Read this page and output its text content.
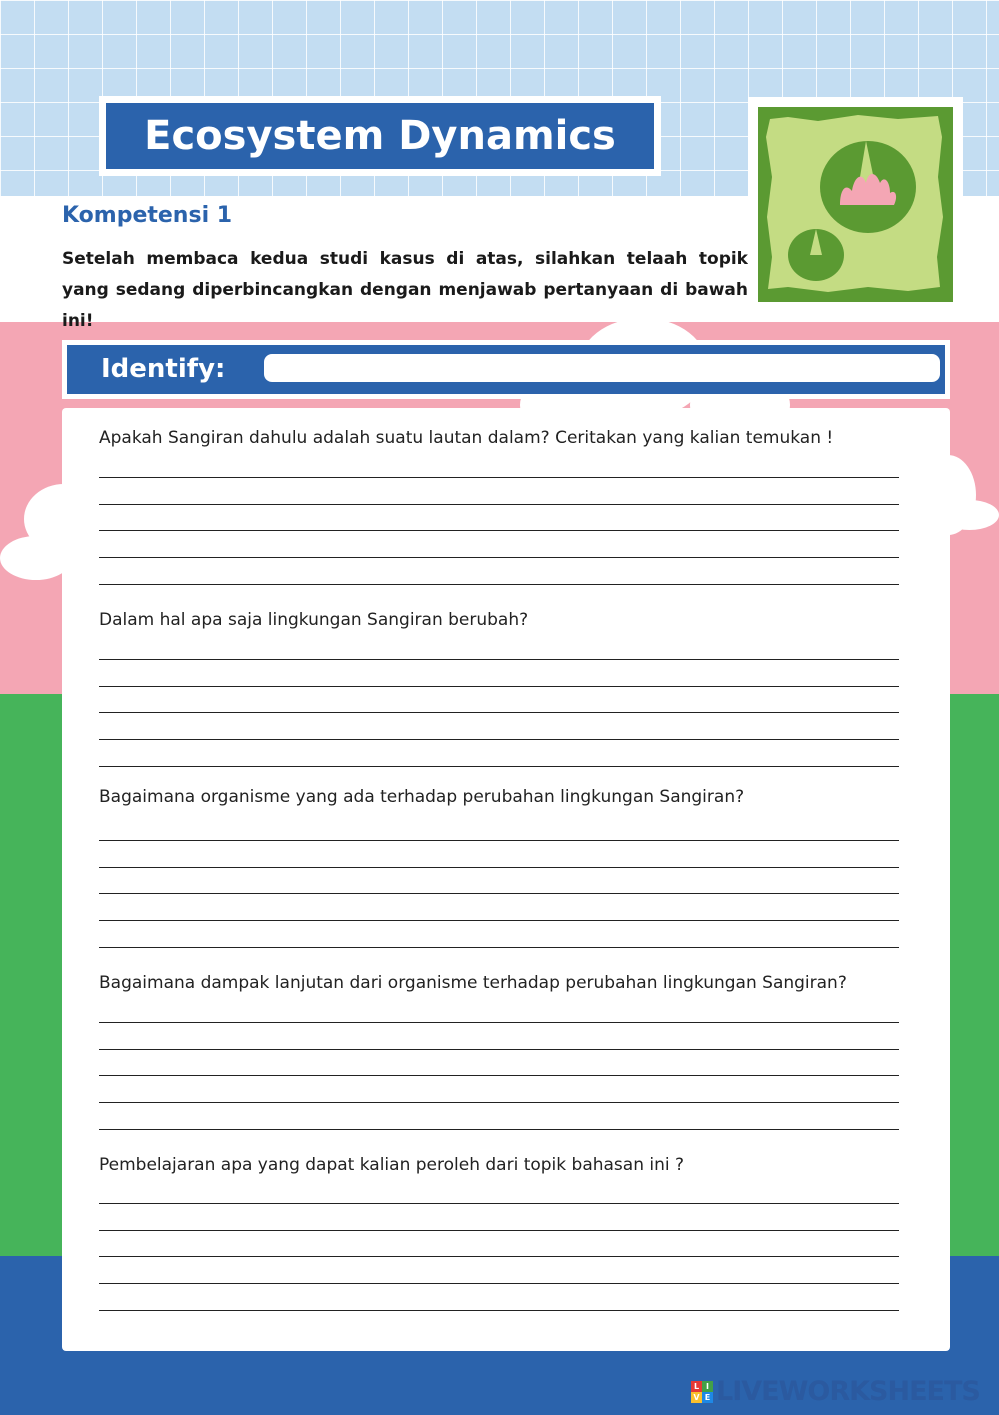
Ecosystem Dynamics
Kompetensi 1
Setelah membaca kedua studi kasus di atas, silahkan telaah topik yang sedang diperbincangkan dengan menjawab pertanyaan di bawah ini!
Identify:
Apakah Sangiran dahulu adalah suatu lautan dalam? Ceritakan yang kalian temukan !
Dalam hal apa saja lingkungan Sangiran berubah?
Bagaimana organisme yang ada terhadap perubahan lingkungan Sangiran?
Bagaimana dampak lanjutan dari organisme terhadap perubahan lingkungan Sangiran?
Pembelajaran apa yang dapat kalian peroleh dari topik bahasan ini ?
L I
V E LIVEWORKSHEETS
